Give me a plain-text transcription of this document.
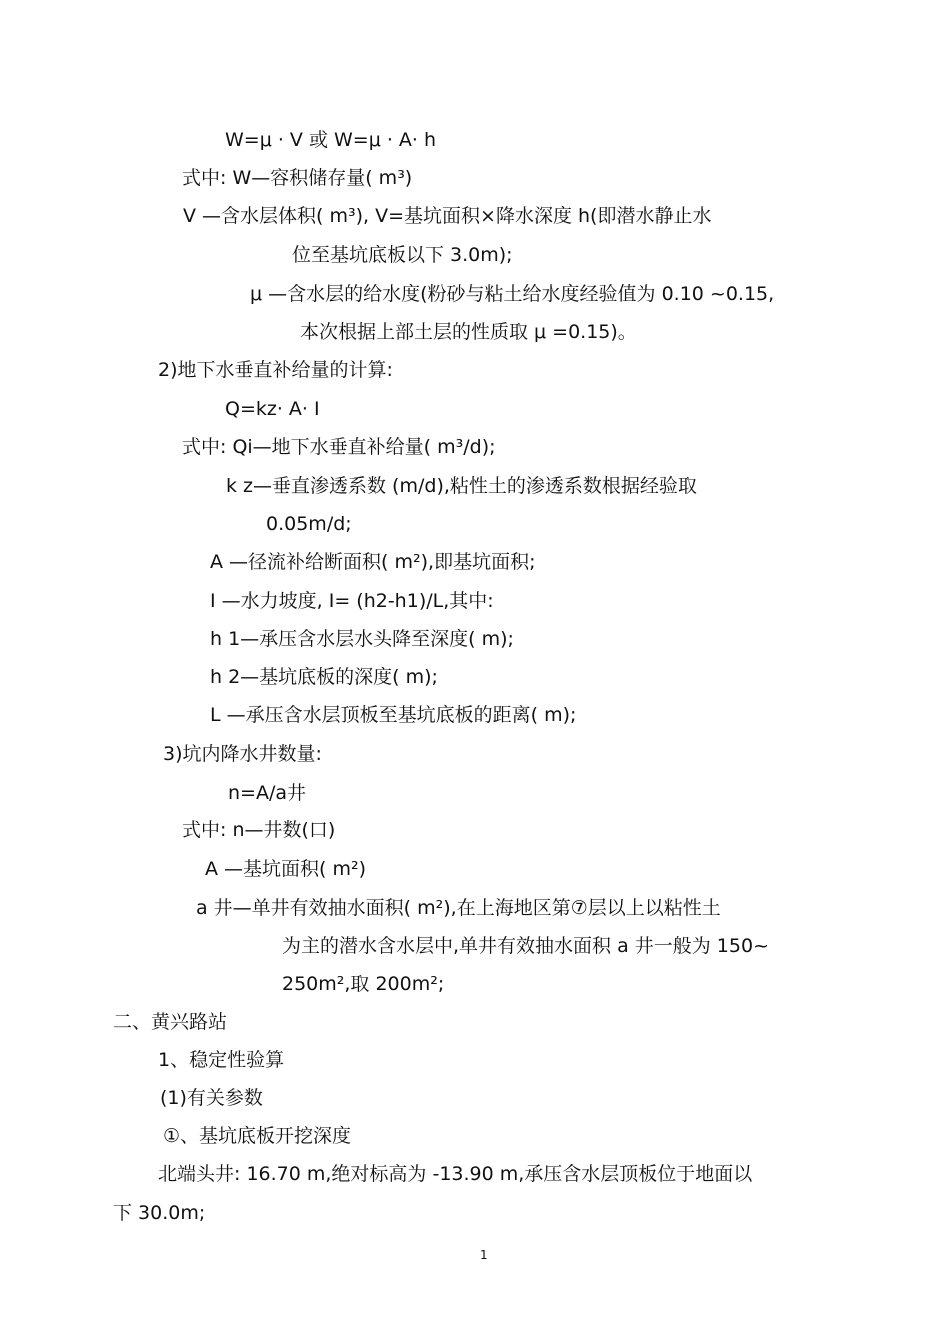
W=μ · V 或 W=μ · A· h
式中: W—容积储存量( m³)
V —含水层体积( m³), V=基坑面积×降水深度 h(即潜水静止水
位至基坑底板以下 3.0m);
μ —含水层的给水度(粉砂与粘土给水度经验值为 0.10 ~0.15,
本次根据上部土层的性质取 μ =0.15)。
2)地下水垂直补给量的计算:
Q=kz· A· I
式中: Qi—地下水垂直补给量( m³/d);
k z—垂直渗透系数 (m/d),粘性土的渗透系数根据经验取
0.05m/d;
A —径流补给断面积( m²),即基坑面积;
I —水力坡度, I= (h2-h1)/L,其中:
h 1—承压含水层水头降至深度( m);
h 2—基坑底板的深度( m);
L —承压含水层顶板至基坑底板的距离( m);
3)坑内降水井数量:
n=A/a井
式中: n—井数(口)
A —基坑面积( m²)
a 井—单井有效抽水面积( m²),在上海地区第⑦层以上以粘性土
为主的潜水含水层中,单井有效抽水面积 a 井一般为 150~
250m²,取 200m²;
二、黄兴路站
1、稳定性验算
(1)有关参数
①、基坑底板开挖深度
北端头井: 16.70 m,绝对标高为 -13.90 m,承压含水层顶板位于地面以
下 30.0m;
1
